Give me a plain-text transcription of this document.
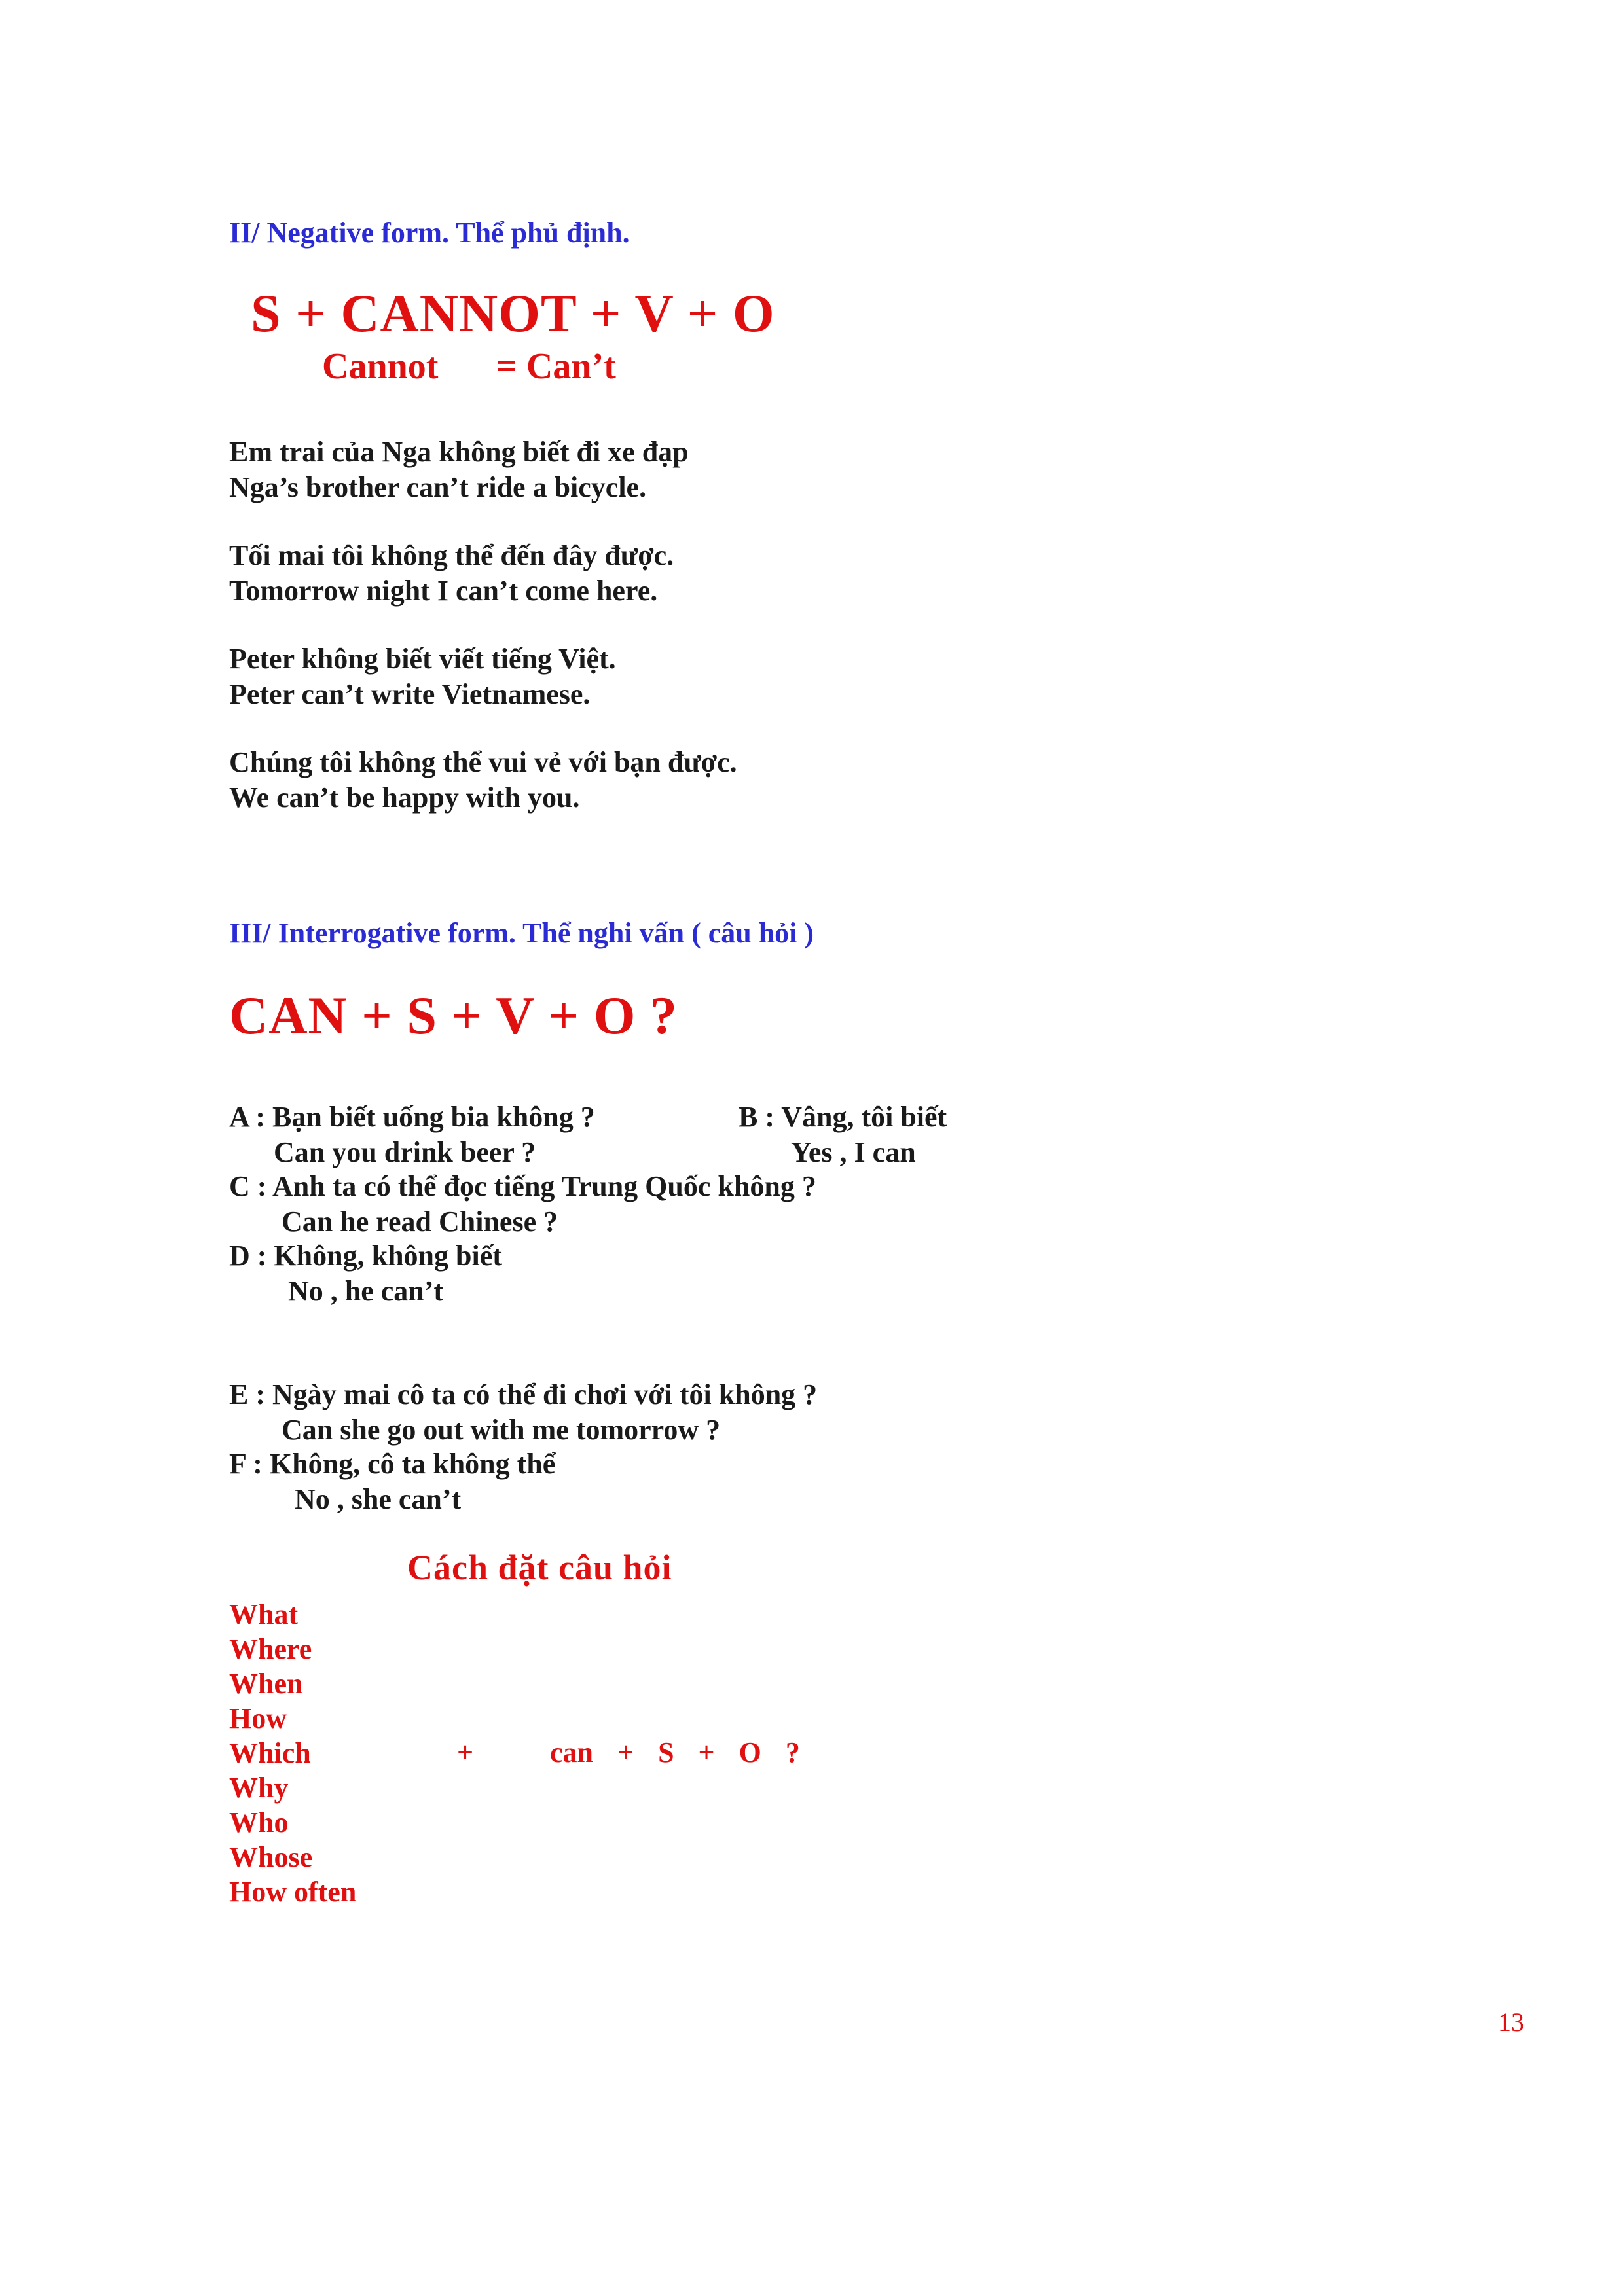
II/ Negative form. Thể phủ định.
S + CANNOT + V + O
Cannot = Can’t
Em trai của Nga không biết đi xe đạp
Nga’s brother can’t ride a bicycle.
Tối mai tôi không thể đến đây được.
Tomorrow night I can’t come here.
Peter không biết viết tiếng Việt.
Peter can’t write Vietnamese.
Chúng tôi không thể vui vẻ với bạn được.
We can’t be happy with you.
III/ Interrogative form. Thể nghi vấn ( câu hỏi )
CAN + S + V + O ?
A : Bạn biết uống bia không ?
Can you drink beer ?
B : Vâng, tôi biết
Yes , I can
C : Anh ta có thể đọc tiếng Trung Quốc không ?
Can he read Chinese ?
D : Không, không biết
No , he can’t
E : Ngày mai cô ta có thể đi chơi với tôi không ?
Can she go out with me tomorrow ?
F : Không, cô ta không thể
No , she can’t
Cách đặt câu hỏi
What
Where
When
How
Which
Why
Who
Whose
How often
+	can + S + O ?
13
